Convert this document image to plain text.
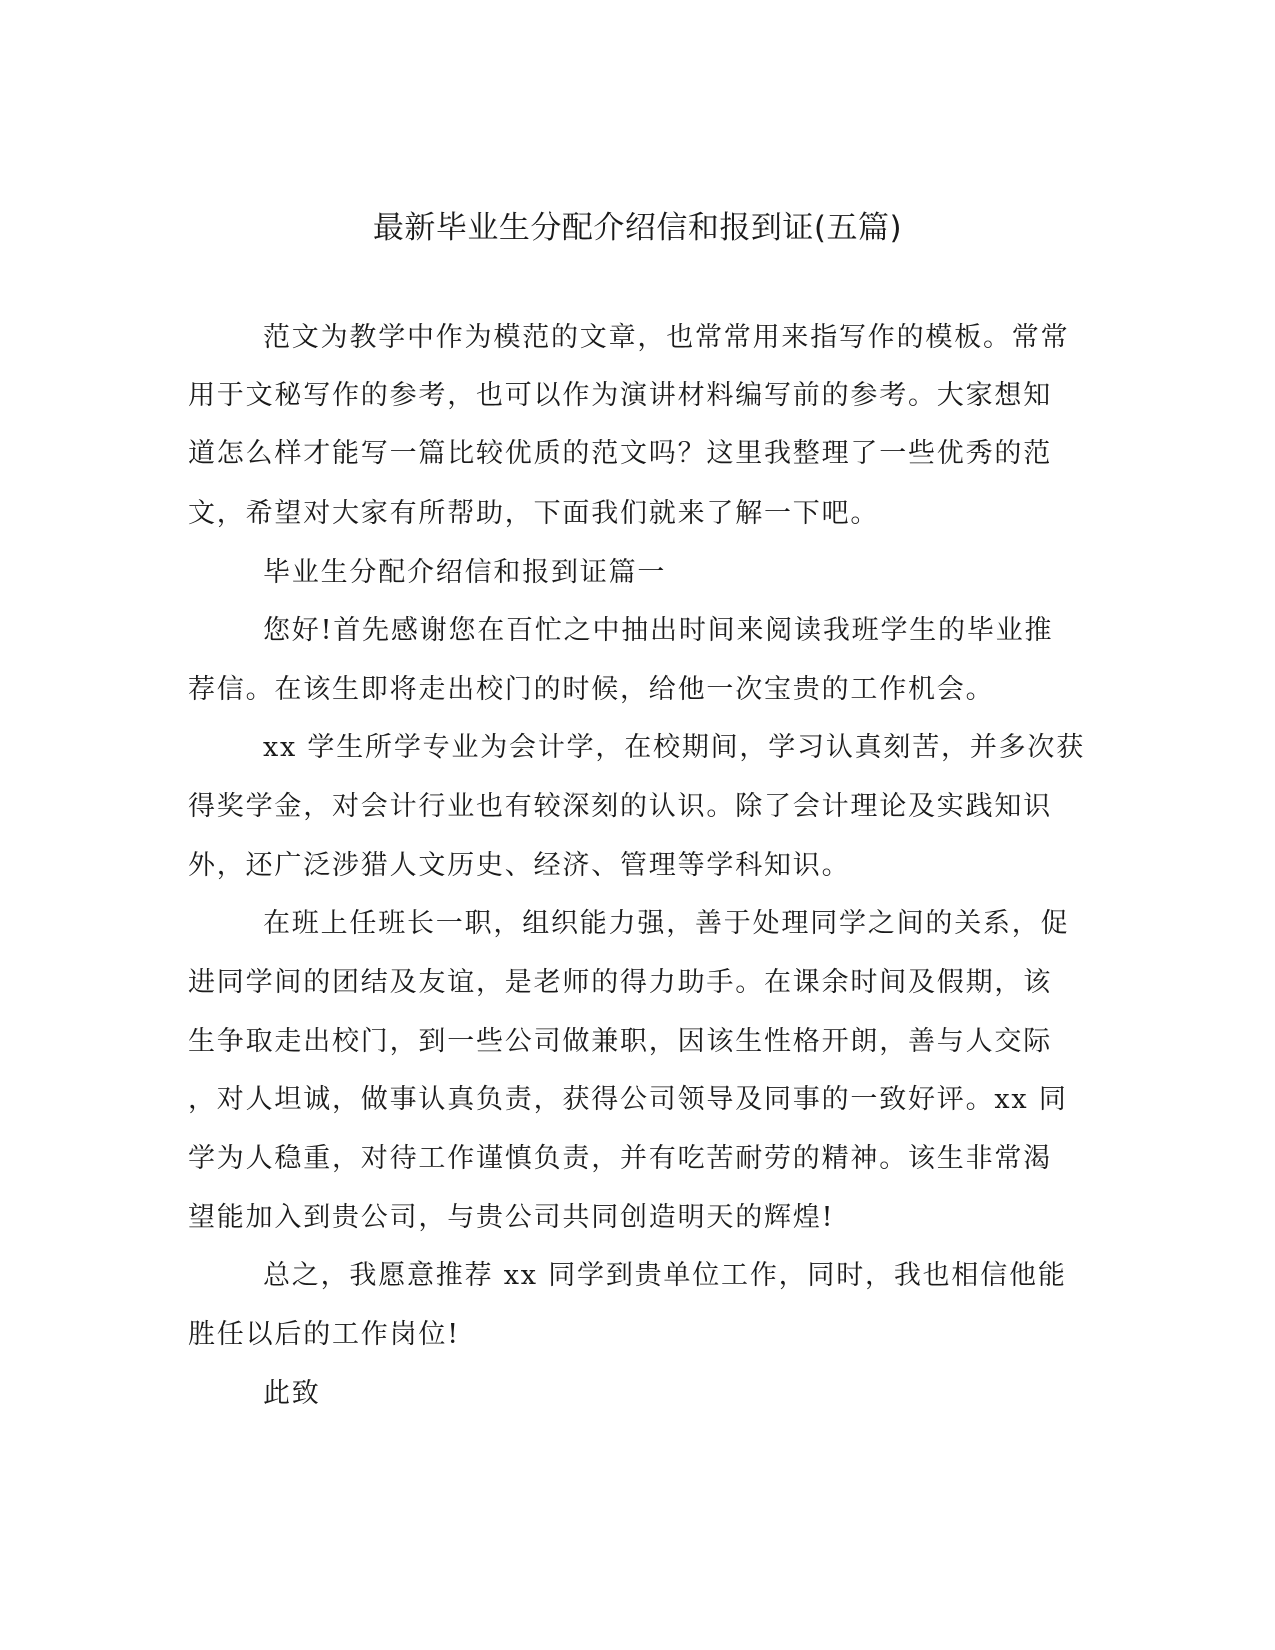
最新毕业生分配介绍信和报到证(五篇)

范文为教学中作为模范的文章，也常常用来指写作的模板。常常

用于文秘写作的参考，也可以作为演讲材料编写前的参考。大家想知

道怎么样才能写一篇比较优质的范文吗？这里我整理了一些优秀的范

文，希望对大家有所帮助，下面我们就来了解一下吧。

毕业生分配介绍信和报到证篇一

您好!首先感谢您在百忙之中抽出时间来阅读我班学生的毕业推

荐信。在该生即将走出校门的时候，给他一次宝贵的工作机会。

xx 学生所学专业为会计学，在校期间，学习认真刻苦，并多次获

得奖学金，对会计行业也有较深刻的认识。除了会计理论及实践知识

外，还广泛涉猎人文历史、经济、管理等学科知识。

在班上任班长一职，组织能力强，善于处理同学之间的关系，促

进同学间的团结及友谊，是老师的得力助手。在课余时间及假期，该

生争取走出校门，到一些公司做兼职，因该生性格开朗，善与人交际

，对人坦诚，做事认真负责，获得公司领导及同事的一致好评。xx 同

学为人稳重，对待工作谨慎负责，并有吃苦耐劳的精神。该生非常渴

望能加入到贵公司，与贵公司共同创造明天的辉煌!

总之，我愿意推荐 xx 同学到贵单位工作，同时，我也相信他能

胜任以后的工作岗位!

此致
